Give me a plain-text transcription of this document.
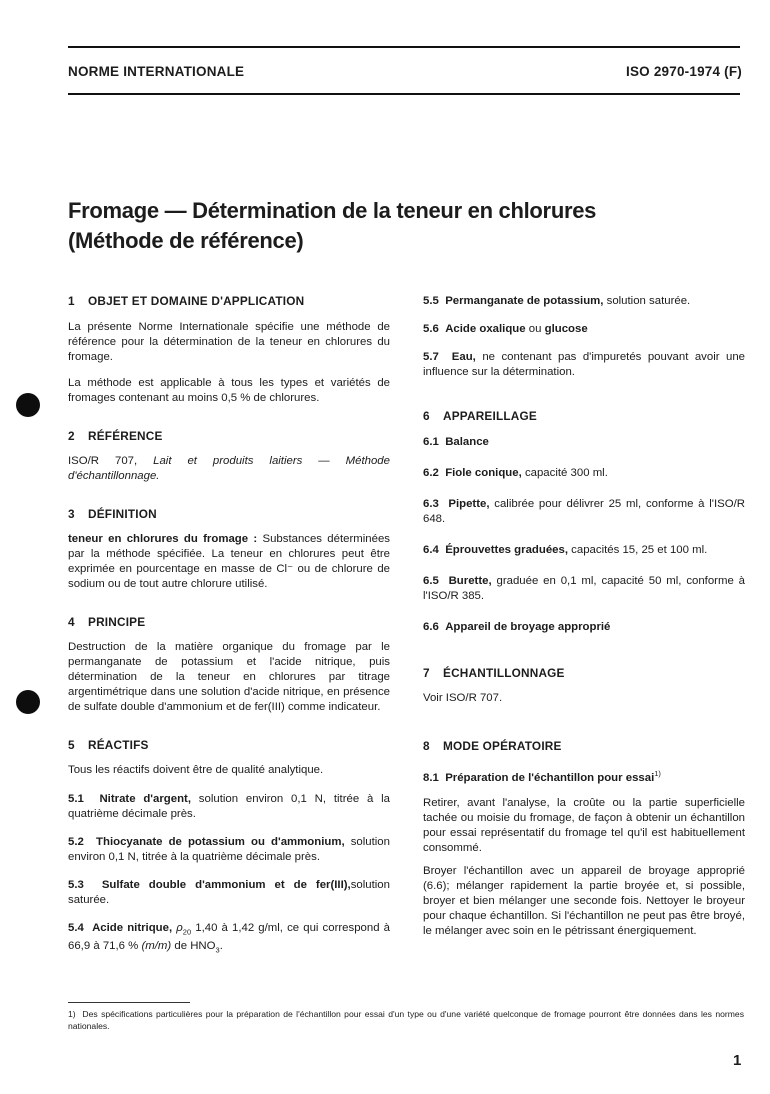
NORME INTERNATIONALE	ISO 2970-1974 (F)
Fromage — Détermination de la teneur en chlorures
(Méthode de référence)
1 OBJET ET DOMAINE D'APPLICATION

La présente Norme Internationale spécifie une méthode de référence pour la détermination de la teneur en chlorures du fromage.

La méthode est applicable à tous les types et variétés de fromages contenant au moins 0,5 % de chlorures.

2 RÉFÉRENCE

ISO/R 707, Lait et produits laitiers — Méthode d'échantillonnage.

3 DÉFINITION

teneur en chlorures du fromage : Substances déterminées par la méthode spécifiée. La teneur en chlorures peut être exprimée en pourcentage en masse de Cl⁻ ou de chlorure de sodium ou de tout autre chlorure utilisé.

4 PRINCIPE

Destruction de la matière organique du fromage par le permanganate de potassium et l'acide nitrique, puis détermination de la teneur en chlorures par titrage argentimétrique dans une solution d'acide nitrique, en présence de sulfate double d'ammonium et de fer(III) comme indicateur.

5 RÉACTIFS

Tous les réactifs doivent être de qualité analytique.

5.1 Nitrate d'argent, solution environ 0,1 N, titrée à la quatrième décimale près.

5.2 Thiocyanate de potassium ou d'ammonium, solution environ 0,1 N, titrée à la quatrième décimale près.

5.3 Sulfate double d'ammonium et de fer(III),solution saturée.

5.4 Acide nitrique, $\rho_{20}$ 1,40 à 1,42 g/ml, ce qui correspond à 66,9 à 71,6 % (m/m) de $HNO_3$.

5.5 Permanganate de potassium, solution saturée.

5.6 Acide oxalique ou glucose

5.7 Eau, ne contenant pas d'impuretés pouvant avoir une influence sur la détermination.

6 APPAREILLAGE

6.1 Balance

6.2 Fiole conique, capacité 300 ml.

6.3 Pipette, calibrée pour délivrer 25 ml, conforme à l'ISO/R 648.

6.4 Éprouvettes graduées, capacités 15, 25 et 100 ml.

6.5 Burette, graduée en 0,1 ml, capacité 50 ml, conforme à l'ISO/R 385.

6.6 Appareil de broyage approprié

7 ÉCHANTILLONNAGE

Voir ISO/R 707.

8 MODE OPÉRATOIRE

8.1 Préparation de l'échantillon pour essai$^{1)}$

Retirer, avant l'analyse, la croûte ou la partie superficielle tachée ou moisie du fromage, de façon à obtenir un échantillon pour essai représentatif du fromage tel qu'il est habituellement consommé.

Broyer l'échantillon avec un appareil de broyage approprié (6.6); mélanger rapidement la partie broyée et, si possible, broyer et bien mélanger une seconde fois. Nettoyer le broyeur pour chaque échantillon. Si l'échantillon ne peut pas être broyé, le mélanger avec soin en le pétrissant énergiquement.

1) Des spécifications particulières pour la préparation de l'échantillon pour essai d'un type ou d'une variété quelconque de fromage pourront être données dans les normes nationales.
1
